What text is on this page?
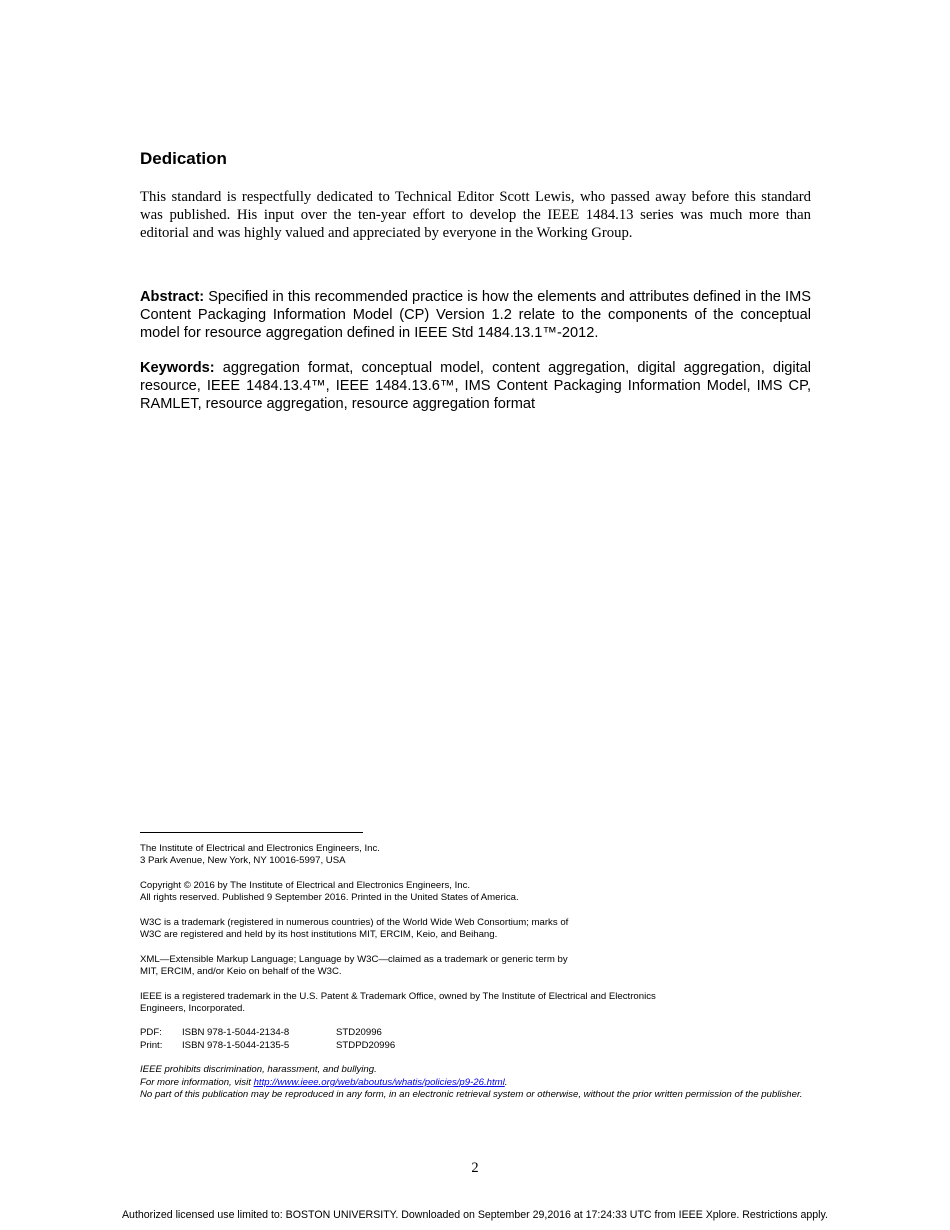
Dedication

This standard is respectfully dedicated to Technical Editor Scott Lewis, who passed away before this standard was published. His input over the ten-year effort to develop the IEEE 1484.13 series was much more than editorial and was highly valued and appreciated by everyone in the Working Group.

Abstract: Specified in this recommended practice is how the elements and attributes defined in the IMS Content Packaging Information Model (CP) Version 1.2 relate to the components of the conceptual model for resource aggregation defined in IEEE Std 1484.13.1™-2012.

Keywords: aggregation format, conceptual model, content aggregation, digital aggregation, digital resource, IEEE 1484.13.4™, IEEE 1484.13.6™, IMS Content Packaging Information Model, IMS CP, RAMLET, resource aggregation, resource aggregation format

The Institute of Electrical and Electronics Engineers, Inc.
3 Park Avenue, New York, NY 10016-5997, USA
Copyright © 2016 by The Institute of Electrical and Electronics Engineers, Inc.
All rights reserved. Published 9 September 2016. Printed in the United States of America.
W3C is a trademark (registered in numerous countries) of the World Wide Web Consortium; marks of
W3C are registered and held by its host institutions MIT, ERCIM, Keio, and Beihang.
XML—Extensible Markup Language; Language by W3C—claimed as a trademark or generic term by
MIT, ERCIM, and/or Keio on behalf of the W3C.
IEEE is a registered trademark in the U.S. Patent & Trademark Office, owned by The Institute of Electrical and Electronics
Engineers, Incorporated.
PDF: ISBN 978-1-5044-2134-8	STD20996
Print: ISBN 978-1-5044-2135-5	STDPD20996
IEEE prohibits discrimination, harassment, and bullying.
For more information, visit http://www.ieee.org/web/aboutus/whatis/policies/p9-26.html.
No part of this publication may be reproduced in any form, in an electronic retrieval system or otherwise, without the prior written permission of the publisher.
2
Authorized licensed use limited to: BOSTON UNIVERSITY. Downloaded on September 29,2016 at 17:24:33 UTC from IEEE Xplore. Restrictions apply.
